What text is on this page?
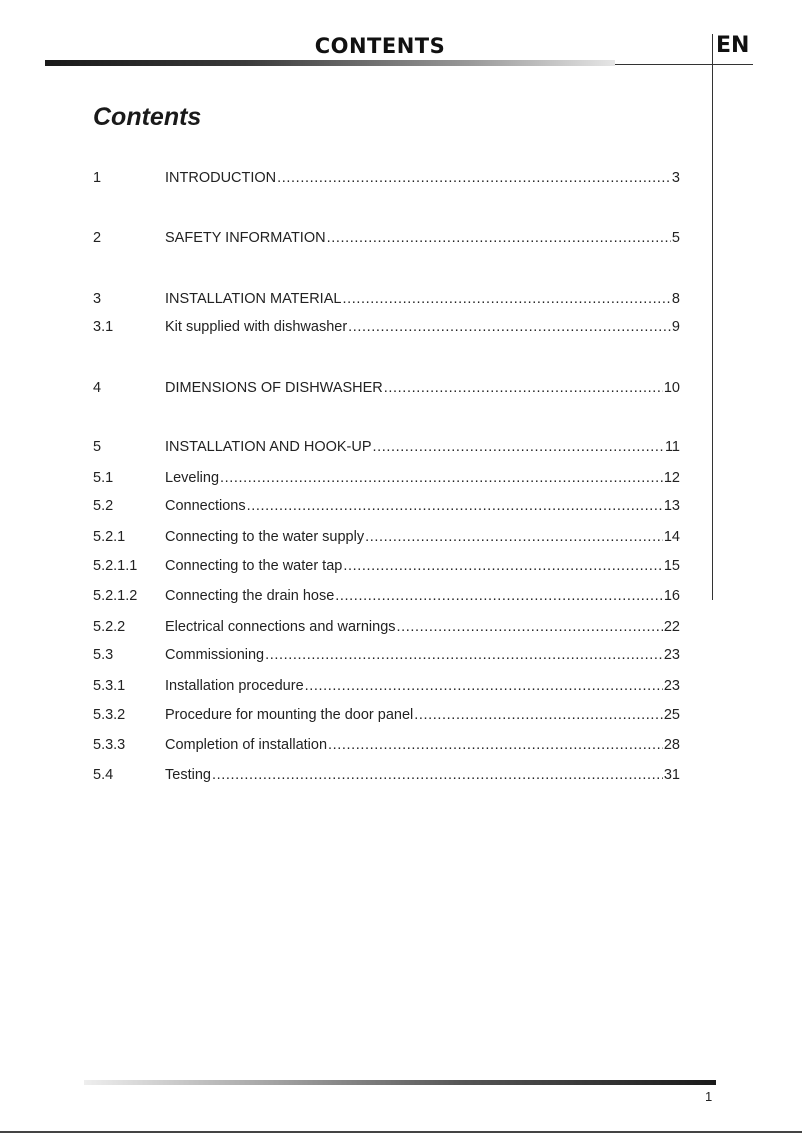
CONTENTS	EN
Contents
1	INTRODUCTION .....	3
2	SAFETY INFORMATION .....	5
3	INSTALLATION MATERIAL .....	8
3.1	Kit supplied with dishwasher .....	9
4	DIMENSIONS OF DISHWASHER .....	10
5	INSTALLATION AND HOOK-UP .....	11
5.1	Leveling .....	12
5.2	Connections .....	13
5.2.1	Connecting to the water supply .....	14
5.2.1.1 Connecting to the water tap .....	15
5.2.1.2 Connecting the drain hose .....	16
5.2.2	Electrical connections and warnings .....	22
5.3	Commissioning .....	23
5.3.1	Installation procedure .....	23
5.3.2	Procedure for mounting the door panel .....	25
5.3.3	Completion of installation .....	28
5.4	Testing .....	31
1
